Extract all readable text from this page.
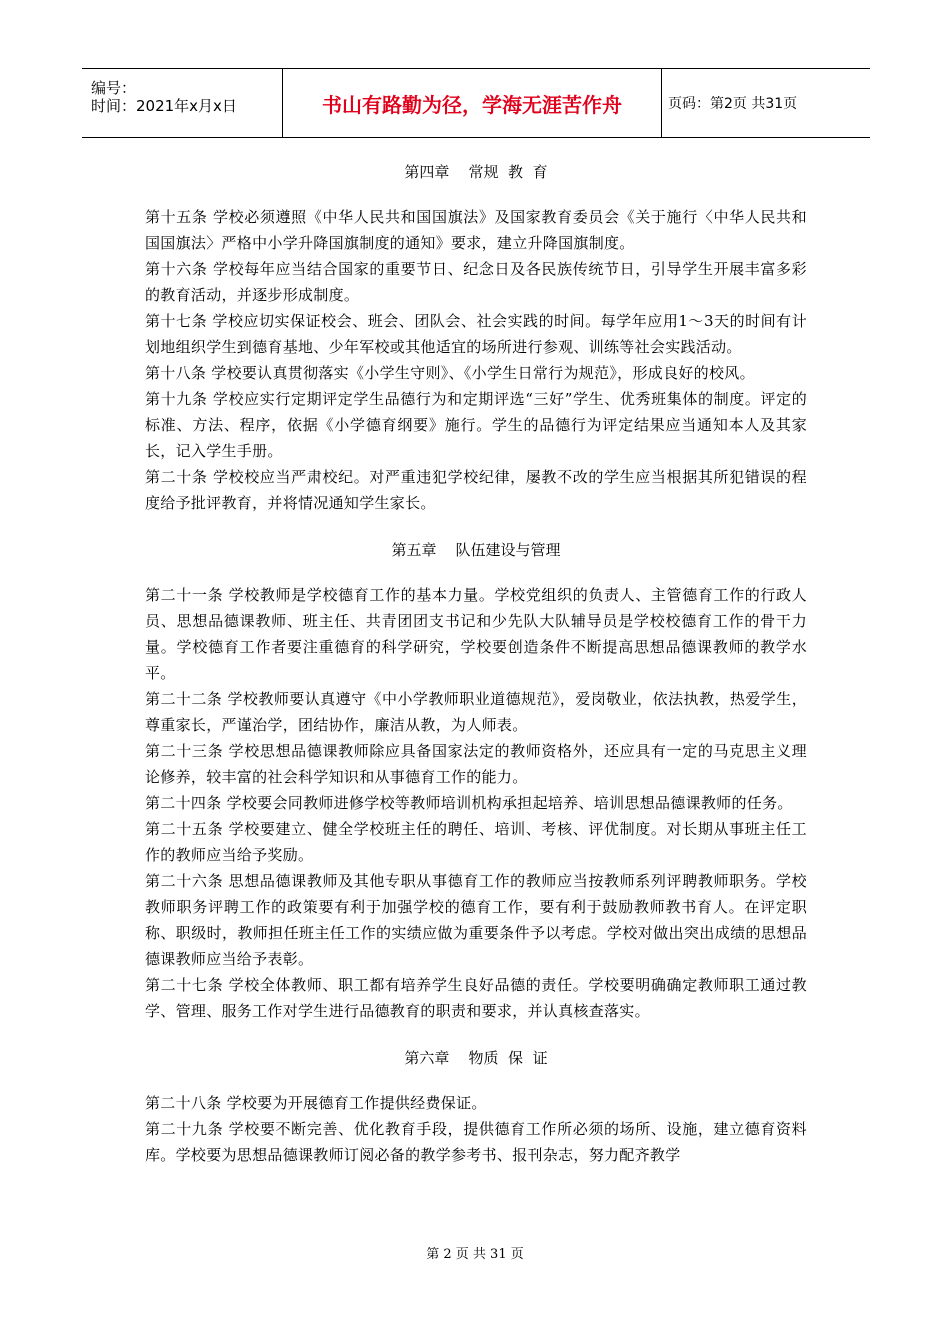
编号：
时间：2021年x月x日	书山有路勤为径，学海无涯苦作舟	页码：第2页 共31页
第四章    常规  教  育

第十五条 学校必须遵照《中华人民共和国国旗法》及国家教育委员会《关于施行〈中华人民共和国国旗法〉严格中小学升降国旗制度的通知》要求，建立升降国旗制度。

第十六条 学校每年应当结合国家的重要节日、纪念日及各民族传统节日，引导学生开展丰富多彩的教育活动，并逐步形成制度。

第十七条 学校应切实保证校会、班会、团队会、社会实践的时间。每学年应用1～3天的时间有计划地组织学生到德育基地、少年军校或其他适宜的场所进行参观、训练等社会实践活动。

第十八条 学校要认真贯彻落实《小学生守则》、《小学生日常行为规范》，形成良好的校风。

第十九条 学校应实行定期评定学生品德行为和定期评选“三好”学生、优秀班集体的制度。评定的标准、方法、程序，依据《小学德育纲要》施行。学生的品德行为评定结果应当通知本人及其家长，记入学生手册。

第二十条 学校校应当严肃校纪。对严重违犯学校纪律，屡教不改的学生应当根据其所犯错误的程度给予批评教育，并将情况通知学生家长。

第五章    队伍建设与管理

第二十一条 学校教师是学校德育工作的基本力量。学校党组织的负责人、主管德育工作的行政人员、思想品德课教师、班主任、共青团团支书记和少先队大队辅导员是学校校德育工作的骨干力量。学校德育工作者要注重德育的科学研究，学校要创造条件不断提高思想品德课教师的教学水平。

第二十二条 学校教师要认真遵守《中小学教师职业道德规范》，爱岗敬业，依法执教，热爱学生，尊重家长，严谨治学，团结协作，廉洁从教，为人师表。

第二十三条 学校思想品德课教师除应具备国家法定的教师资格外，还应具有一定的马克思主义理论修养，较丰富的社会科学知识和从事德育工作的能力。

第二十四条 学校要会同教师进修学校等教师培训机构承担起培养、培训思想品德课教师的任务。

第二十五条 学校要建立、健全学校班主任的聘任、培训、考核、评优制度。对长期从事班主任工作的教师应当给予奖励。

第二十六条 思想品德课教师及其他专职从事德育工作的教师应当按教师系列评聘教师职务。学校教师职务评聘工作的政策要有利于加强学校的德育工作，要有利于鼓励教师教书育人。在评定职称、职级时，教师担任班主任工作的实绩应做为重要条件予以考虑。学校对做出突出成绩的思想品德课教师应当给予表彰。

第二十七条 学校全体教师、职工都有培养学生良好品德的责任。学校要明确确定教师职工通过教学、管理、服务工作对学生进行品德教育的职责和要求，并认真核查落实。

第六章    物质  保  证

第二十八条 学校要为开展德育工作提供经费保证。

第二十九条 学校要不断完善、优化教育手段，提供德育工作所必须的场所、设施，建立德育资料库。学校要为思想品德课教师订阅必备的教学参考书、报刊杂志，努力配齐教学

第 2 页 共 31 页
